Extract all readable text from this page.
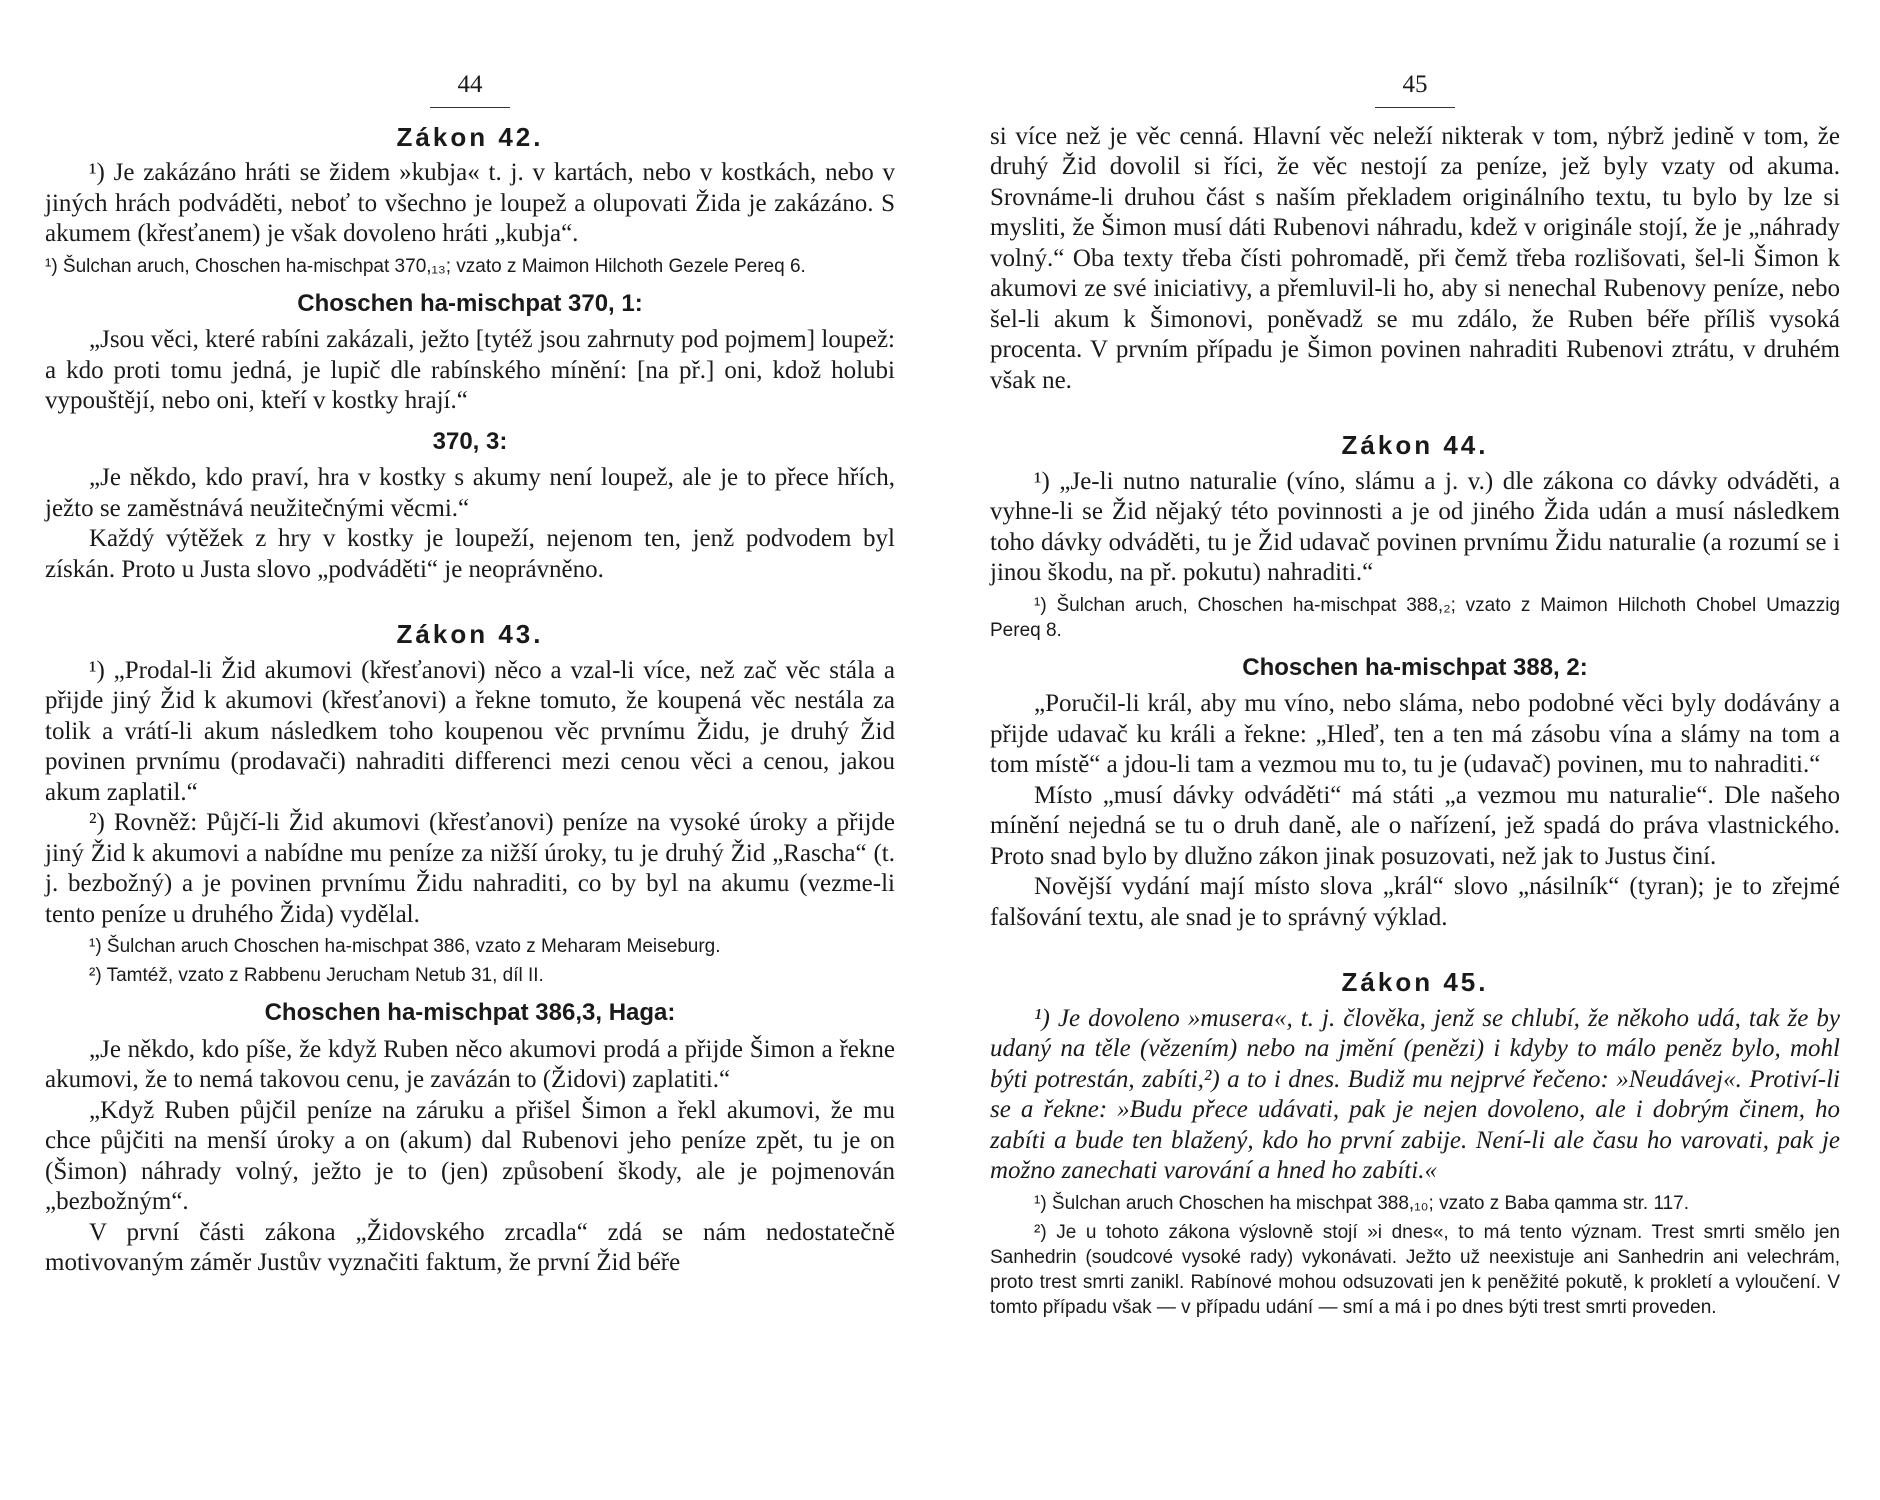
44
Zákon 42.

¹) Je zakázáno hráti se židem »kubja« t. j. v kartách, nebo v kostkách, nebo v jiných hrách podváděti, neboť to všechno je loupež a olupovati Žida je zakázáno. S akumem (křesťanem) je však dovoleno hráti „kubja“.

¹) Šulchan aruch, Choschen ha-mischpat 370,₁₃; vzato z Maimon Hilchoth Gezele Pereq 6.

Choschen ha-mischpat 370, 1:

„Jsou věci, které rabíni zakázali, ježto [tytéž jsou zahrnuty pod pojmem] loupež: a kdo proti tomu jedná, je lupič dle rabínského mínění: [na př.] oni, kdož holubi vypouštějí, nebo oni, kteří v kostky hrají.“

370, 3:

„Je někdo, kdo praví, hra v kostky s akumy není loupež, ale je to přece hřích, ježto se zaměstnává neužitečnými věcmi.“

Každý výtěžek z hry v kostky je loupeží, nejenom ten, jenž podvodem byl získán. Proto u Justa slovo „podváděti“ je neoprávněno.

Zákon 43.

¹) „Prodal-li Žid akumovi (křesťanovi) něco a vzal-li více, než zač věc stála a přijde jiný Žid k akumovi (křesťanovi) a řekne tomuto, že koupená věc nestála za tolik a vrátí-li akum následkem toho koupenou věc prvnímu Židu, je druhý Žid povinen prvnímu (prodavači) nahraditi differenci mezi cenou věci a cenou, jakou akum zaplatil.“

²) Rovněž: Půjčí-li Žid akumovi (křesťanovi) peníze na vysoké úroky a přijde jiný Žid k akumovi a nabídne mu peníze za nižší úroky, tu je druhý Žid „Rascha“ (t. j. bezbožný) a je povinen prvnímu Židu nahraditi, co by byl na akumu (vezme-li tento peníze u druhého Žida) vydělal.

¹) Šulchan aruch Choschen ha-mischpat 386, vzato z Meharam Meiseburg.

²) Tamtéž, vzato z Rabbenu Jerucham Netub 31, díl II.

Choschen ha-mischpat 386,3, Haga:

„Je někdo, kdo píše, že když Ruben něco akumovi prodá a přijde Šimon a řekne akumovi, že to nemá takovou cenu, je zavázán to (Židovi) zaplatiti.“

„Když Ruben půjčil peníze na záruku a přišel Šimon a řekl akumovi, že mu chce půjčiti na menší úroky a on (akum) dal Rubenovi jeho peníze zpět, tu je on (Šimon) náhrady volný, ježto je to (jen) způsobení škody, ale je pojmenován „bezbožným“.

V první části zákona „Židovského zrcadla“ zdá se nám nedostatečně motivovaným záměr Justův vyznačiti faktum, že první Žid béře

45

si více než je věc cenná. Hlavní věc neleží nikterak v tom, nýbrž jedině v tom, že druhý Žid dovolil si říci, že věc nestojí za peníze, jež byly vzaty od akuma. Srovnáme-li druhou část s naším překladem originálního textu, tu bylo by lze si mysliti, že Šimon musí dáti Rubenovi náhradu, kdež v originále stojí, že je „náhrady volný.“ Oba texty třeba čísti pohromadě, při čemž třeba rozlišovati, šel-li Šimon k akumovi ze své iniciativy, a přemluvil-li ho, aby si nenechal Rubenovy peníze, nebo šel-li akum k Šimonovi, poněvadž se mu zdálo, že Ruben béře příliš vysoká procenta. V prvním případu je Šimon povinen nahraditi Rubenovi ztrátu, v druhém však ne.

Zákon 44.

¹) „Je-li nutno naturalie (víno, slámu a j. v.) dle zákona co dávky odváděti, a vyhne-li se Žid nějaký této povinnosti a je od jiného Žida udán a musí následkem toho dávky odváděti, tu je Žid udavač povinen prvnímu Židu naturalie (a rozumí se i jinou škodu, na př. pokutu) nahraditi.“

¹) Šulchan aruch, Choschen ha-mischpat 388,₂; vzato z Maimon Hilchoth Chobel Umazzig Pereq 8.

Choschen ha-mischpat 388, 2:

„Poručil-li král, aby mu víno, nebo sláma, nebo podobné věci byly dodávány a přijde udavač ku králi a řekne: „Hleď, ten a ten má zásobu vína a slámy na tom a tom místě“ a jdou-li tam a vezmou mu to, tu je (udavač) povinen, mu to nahraditi.“

Místo „musí dávky odváděti“ má státi „a vezmou mu naturalie“. Dle našeho mínění nejedná se tu o druh daně, ale o nařízení, jež spadá do práva vlastnického. Proto snad bylo by dlužno zákon jinak posuzovati, než jak to Justus činí.

Novější vydání mají místo slova „král“ slovo „násilník“ (tyran); je to zřejmé falšování textu, ale snad je to správný výklad.

Zákon 45.

¹) Je dovoleno »musera«, t. j. člověka, jenž se chlubí, že někoho udá, tak že by udaný na těle (vězením) nebo na jmění (penězi) i kdyby to málo peněz bylo, mohl býti potrestán, zabíti,²) a to i dnes. Budiž mu nejprvé řečeno: »Neudávej«. Protiví-li se a řekne: »Budu přece udávati, pak je nejen dovoleno, ale i dobrým činem, ho zabíti a bude ten blažený, kdo ho první zabije. Není-li ale času ho varovati, pak je možno zanechati varování a hned ho zabíti.«

¹) Šulchan aruch Choschen ha mischpat 388,₁₀; vzato z Baba qamma str. 117.

²) Je u tohoto zákona výslovně stojí »i dnes«, to má tento význam. Trest smrti smělo jen Sanhedrin (soudcové vysoké rady) vykonávati. Ježto už neexistuje ani Sanhedrin ani velechrám, proto trest smrti zanikl. Rabínové mohou odsuzovati jen k peněžité pokutě, k prokletí a vyloučení. V tomto případu však — v případu udání — smí a má i po dnes býti trest smrti proveden.
